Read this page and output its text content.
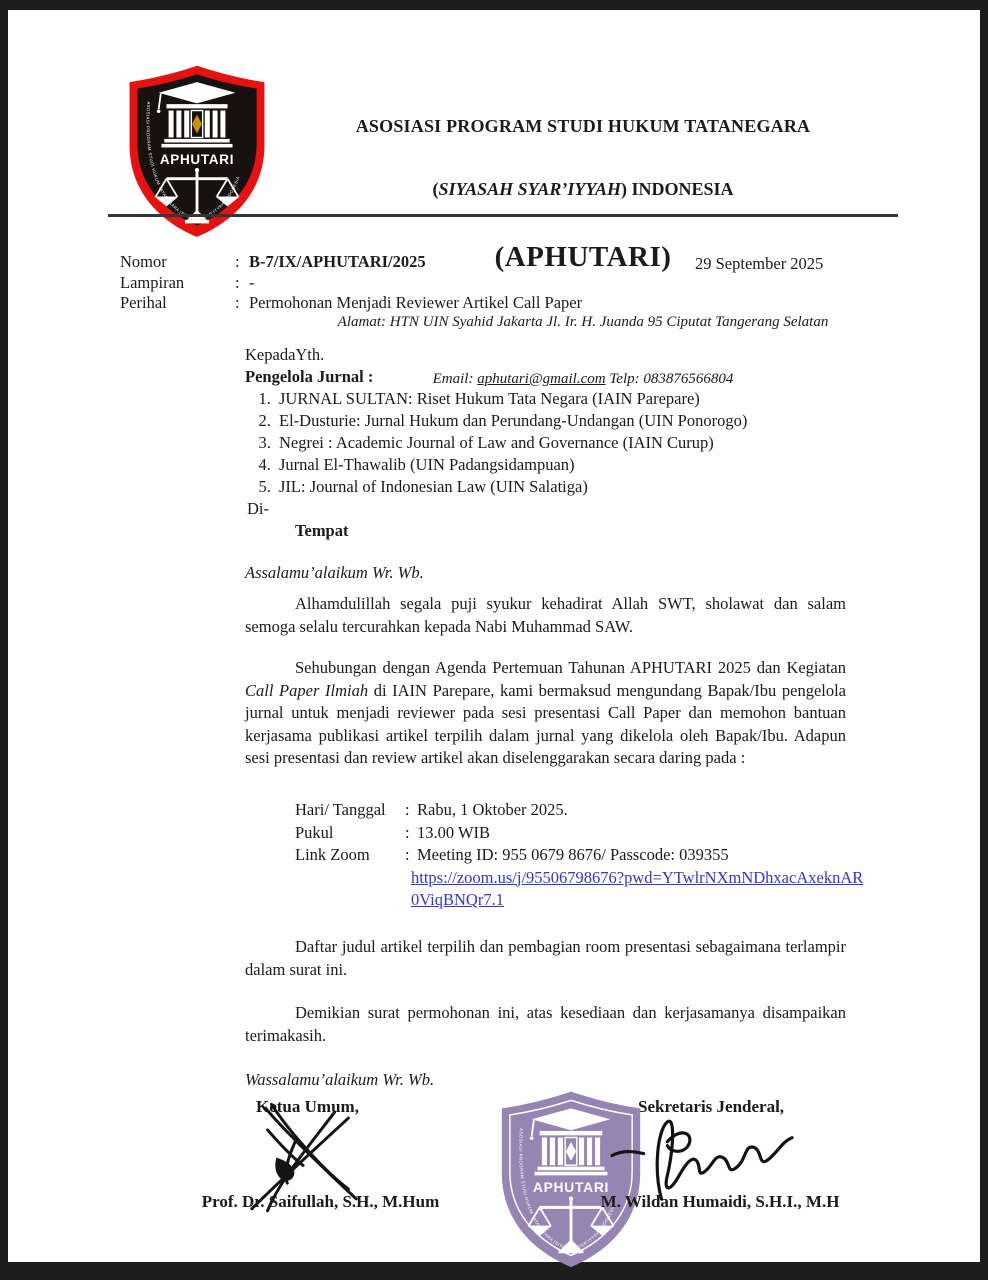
ASOSIASI PROGRAM STUDI HUKUM TATANEGARA

(SIYASAH SYAR’IYYAH) INDONESIA

(APHUTARI)

Alamat: HTN UIN Syahid Jakarta Jl. Ir. H. Juanda 95 Ciputat Tangerang Selatan

Email: aphutari@gmail.com Telp: 083876566804

Nomor	: B-7/IX/APHUTARI/2025
Lampiran	: -
Perihal	: Permohonan Menjadi Reviewer Artikel Call Paper
29 September 2025
KepadaYth.
Pengelola Jurnal :
1. JURNAL SULTAN: Riset Hukum Tata Negara (IAIN Parepare)
2. El-Dusturie: Jurnal Hukum dan Perundang-Undangan (UIN Ponorogo)
3. Negrei : Academic Journal of Law and Governance (IAIN Curup)
4. Jurnal El-Thawalib (UIN Padangsidampuan)
5. JIL: Journal of Indonesian Law (UIN Salatiga)
Di-
Tempat
Assalamu’alaikum Wr. Wb.
Alhamdulillah segala puji syukur kehadirat Allah SWT, sholawat dan salam semoga selalu tercurahkan kepada Nabi Muhammad SAW.
Sehubungan dengan Agenda Pertemuan Tahunan APHUTARI 2025 dan Kegiatan Call Paper Ilmiah di IAIN Parepare, kami bermaksud mengundang Bapak/Ibu pengelola jurnal untuk menjadi reviewer pada sesi presentasi Call Paper dan memohon bantuan kerjasama publikasi artikel terpilih dalam jurnal yang dikelola oleh Bapak/Ibu. Adapun sesi presentasi dan review artikel akan diselenggarakan secara daring pada :
Hari/ Tanggal	: Rabu, 1 Oktober 2025.
Pukul	: 13.00 WIB
Link Zoom	: Meeting ID: 955 0679 8676/ Passcode: 039355
https://zoom.us/j/95506798676?pwd=YTwlrNXmNDhxacAxeknAR0ViqBNQr7.1
Daftar judul artikel terpilih dan pembagian room presentasi sebagaimana terlampir dalam surat ini.
Demikian surat permohonan ini, atas kesediaan dan kerjasamanya disampaikan terimakasih.
Wassalamu’alaikum Wr. Wb.
Ketua Umum,	Sekretaris Jenderal,
Prof. Dr. Saifullah, S.H., M.Hum	M. Wildan Humaidi, S.H.I., M.H
